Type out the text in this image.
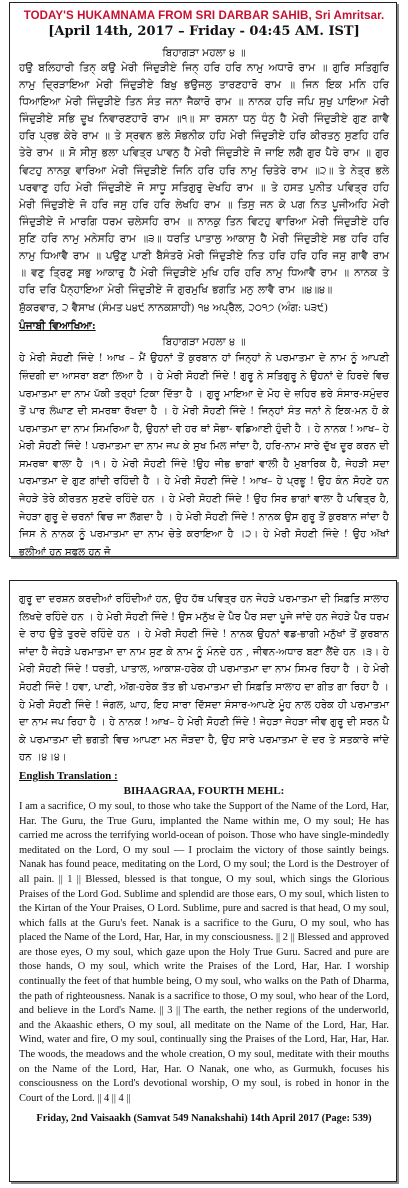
TODAY'S HUKAMNAMA FROM SRI DARBAR SAHIB, Sri Amritsar.
[April 14th, 2017 – Friday - 04:45 AM. IST]
ਬਿਹਾਗੜਾ ਮਹਲਾ ੪ ॥
ਹਉ ਬਲਿਹਾਰੀ ਤਿਨ੍ ਕਉ ਮੇਰੀ ਜਿੰਦੁੜੀਏ ਜਿਨ੍ ਹਰਿ ਹਰਿ ਨਾਮੁ ਅਧਾਰੋ ਰਾਮ ॥ ਗੁਰਿ ਸਤਿਗੁਰਿ ਨਾਮੁ ਦ੍ਰਿੜਾਇਆ ਮੇਰੀ ਜਿੰਦੁੜੀਏ ਬਿਖੁ ਭਉਜਲੁ ਤਾਰਣਹਾਰੋ ਰਾਮ ॥ ਜਿਨ ਇਕ ਮਨਿ ਹਰਿ ਧਿਆਇਆ ਮੇਰੀ ਜਿੰਦੁੜੀਏ ਤਿਨ ਸੰਤ ਜਨਾ ਜੈਕਾਰੋ ਰਾਮ ॥ ਨਾਨਕ ਹਰਿ ਜਪਿ ਸੁਖੁ ਪਾਇਆ ਮੇਰੀ ਜਿੰਦੁੜੀਏ ਸਭਿ ਦੂਖ ਨਿਵਾਰਣਹਾਰੋ ਰਾਮ ॥੧॥ ਸਾ ਰਸਨਾ ਧਨੁ ਧੰਨੁ ਹੈ ਮੇਰੀ ਜਿੰਦੁੜੀਏ ਗੁਣ ਗਾਵੈ ਹਰਿ ਪ੍ਰਭ ਕੇਰੇ ਰਾਮ ॥ ਤੇ ਸ੍ਰਵਨ ਭਲੇ ਸੋਭਨੀਕ ਹਹਿ ਮੇਰੀ ਜਿੰਦੁੜੀਏ ਹਰਿ ਕੀਰਤਨੁ ਸੁਣਹਿ ਹਰਿ ਤੇਰੇ ਰਾਮ ॥ ਸੋ ਸੀਸੁ ਭਲਾ ਪਵਿਤ੍ਰ ਪਾਵਨੁ ਹੈ ਮੇਰੀ ਜਿੰਦੁੜੀਏ ਜੋ ਜਾਇ ਲਗੈ ਗੁਰ ਪੈਰੇ ਰਾਮ ॥ ਗੁਰ ਵਿਟਹੁ ਨਾਨਕੁ ਵਾਰਿਆ ਮੇਰੀ ਜਿੰਦੁੜੀਏ ਜਿਨਿ ਹਰਿ ਹਰਿ ਨਾਮੁ ਚਿਤੇਰੇ ਰਾਮ ॥੨॥ ਤੇ ਨੇਤ੍ਰ ਭਲੇ ਪਰਵਾਣੁ ਹਹਿ ਮੇਰੀ ਜਿੰਦੁੜੀਏ ਜੋ ਸਾਧੂ ਸਤਿਗੁਰੁ ਦੇਖਹਿ ਰਾਮ ॥ ਤੇ ਹਸਤ ਪੁਨੀਤ ਪਵਿਤ੍ਰ ਹਹਿ ਮੇਰੀ ਜਿੰਦੁੜੀਏ ਜੋ ਹਰਿ ਜਸੁ ਹਰਿ ਹਰਿ ਲੇਖਹਿ ਰਾਮ ॥ ਤਿਸੁ ਜਨ ਕੇ ਪਗ ਨਿਤ ਪੂਜੀਅਹਿ ਮੇਰੀ ਜਿੰਦੁੜੀਏ ਜੋ ਮਾਰਗਿ ਧਰਮ ਚਲੇਸਹਿ ਰਾਮ ॥ ਨਾਨਕੁ ਤਿਨ ਵਿਟਹੁ ਵਾਰਿਆ ਮੇਰੀ ਜਿੰਦੁੜੀਏ ਹਰਿ ਸੁਣਿ ਹਰਿ ਨਾਮੁ ਮਨੇਸਹਿ ਰਾਮ ॥੩॥ ਧਰਤਿ ਪਾਤਾਲੁ ਆਕਾਸੁ ਹੈ ਮੇਰੀ ਜਿੰਦੁੜੀਏ ਸਭ ਹਰਿ ਹਰਿ ਨਾਮੁ ਧਿਆਵੈ ਰਾਮ ॥ ਪਉਣੁ ਪਾਣੀ ਬੈਸੰਤਰੋ ਮੇਰੀ ਜਿੰਦੁੜੀਏ ਨਿਤ ਹਰਿ ਹਰਿ ਹਰਿ ਜਸੁ ਗਾਵੈ ਰਾਮ ॥ ਵਣੁ ਤ੍ਰਿਣੁ ਸਭੁ ਆਕਾਰੁ ਹੈ ਮੇਰੀ ਜਿੰਦੁੜੀਏ ਮੁਖਿ ਹਰਿ ਹਰਿ ਨਾਮੁ ਧਿਆਵੈ ਰਾਮ ॥ ਨਾਨਕ ਤੇ ਹਰਿ ਦਰਿ ਪੈਨ੍ਹਾਇਆ ਮੇਰੀ ਜਿੰਦੁੜੀਏ ਜੋ ਗੁਰਮੁਖਿ ਭਗਤਿ ਮਨੁ ਲਾਵੈ ਰਾਮ ॥੪॥੪॥
ਸ਼ੁੱਕਰਵਾਰ, ੨ ਵੈਸਾਖ (ਸੰਮਤ ੫੪੯ ਨਾਨਕਸ਼ਾਹੀ) ੧੪ ਅਪ੍ਰੈਲ, ੨੦੧੭ (ਅੰਗ: ੫੩੯)
ਪੰਜਾਬੀ ਵਿਆਖਿਆ:
ਬਿਹਾਗੜਾ ਮਹਲਾ ੪ ॥
ਹੇ ਮੇਰੀ ਸੋਹਣੀ ਜਿੰਦੇ ! ਆਖ – ਮੈਂ ਉਹਨਾਂ ਤੋਂ ਕੁਰਬਾਨ ਹਾਂ ਜਿਨ੍ਹਾਂ ਨੇ ਪਰਮਾਤਮਾ ਦੇ ਨਾਮ ਨੂੰ ਆਪਣੀ ਜ਼ਿੰਦਗੀ ਦਾ ਆਸਰਾ ਬਣਾ ਲਿਆ ਹੈ । ਹੇ ਮੇਰੀ ਸੋਹਣੀ ਜਿੰਦੇ ! ਗੁਰੂ ਨੇ ਸਤਿਗੁਰੂ ਨੇ ਉਹਨਾਂ ਦੇ ਹਿਰਦੇ ਵਿਚ ਪਰਮਾਤਮਾ ਦਾ ਨਾਮ ਪੱਕੀ ਤਰ੍ਹਾਂ ਟਿਕਾ ਦਿੱਤਾ ਹੈ । ਗੁਰੂ ਮਾਇਆ ਦੇ ਮੋਹ ਦੇ ਜ਼ਹਿਰ ਭਰੇ ਸੰਸਾਰ-ਸਮੁੰਦਰ ਤੋਂ ਪਾਰ ਲੰਘਾਣ ਦੀ ਸਮਰਥਾ ਰੱਖਦਾ ਹੈ । ਹੇ ਮੇਰੀ ਸੋਹਣੀ ਜਿੰਦੇ ! ਜਿਨ੍ਹਾਂ ਸੰਤ ਜਨਾਂ ਨੇ ਇਕ-ਮਨ ਹੋ ਕੇ ਪਰਮਾਤਮਾ ਦਾ ਨਾਮ ਸਿਮਰਿਆ ਹੈ, ਉਹਨਾਂ ਦੀ ਹਰ ਥਾਂ ਸੋਭਾ- ਵਡਿਆਈ ਹੁੰਦੀ ਹੈ । ਹੇ ਨਾਨਕ ! ਆਖ– ਹੇ ਮੇਰੀ ਸੋਹਣੀ ਜਿੰਦੇ ! ਪਰਮਾਤਮਾ ਦਾ ਨਾਮ ਜਪ ਕੇ ਸੁਖ ਮਿਲ ਜਾਂਦਾ ਹੈ, ਹਰਿ-ਨਾਮ ਸਾਰੇ ਦੁੱਖ ਦੂਰ ਕਰਨ ਦੀ ਸਮਰਥਾ ਵਾਲਾ ਹੈ ।੧। ਹੇ ਮੇਰੀ ਸੋਹਣੀ ਜਿੰਦੇ !ਉਹ ਜੀਭ ਭਾਗਾਂ ਵਾਲੀ ਹੈ ਮੁਬਾਰਿਕ ਹੈ, ਜੇਹੜੀ ਸਦਾ ਪਰਮਾਤਮਾ ਦੇ ਗੁਣ ਗਾਂਦੀ ਰਹਿੰਦੀ ਹੈ । ਹੇ ਮੇਰੀ ਸੋਹਣੀ ਜਿੰਦੇ ! ਆਖ– ਹੇ ਪ੍ਰਭੂ ! ਉਹ ਕੰਨ ਸੋਹਣੇ ਹਨ ਜੇਹੜੇ ਤੇਰੇ ਕੀਰਤਨ ਸੁਣਦੇ ਰਹਿੰਦੇ ਹਨ । ਹੇ ਮੇਰੀ ਸੋਹਣੀ ਜਿੰਦੇ ! ਉਹ ਸਿਰ ਭਾਗਾਂ ਵਾਲਾ ਹੈ ਪਵਿਤ੍ਰ ਹੈ, ਜੇਹੜਾ ਗੁਰੂ ਦੇ ਚਰਨਾਂ ਵਿਚ ਜਾ ਲੱਗਦਾ ਹੈ । ਹੇ ਮੇਰੀ ਸੋਹਣੀ ਜਿੰਦੇ ! ਨਾਨਕ ਉਸ ਗੁਰੂ ਤੋਂ ਕੁਰਬਾਨ ਜਾਂਦਾ ਹੈ ਜਿਸ ਨੇ ਨਾਨਕ ਨੂੰ ਪਰਮਾਤਮਾ ਦਾ ਨਾਮ ਚੇਤੇ ਕਰਾਇਆ ਹੈ ।੨। ਹੇ ਮੇਰੀ ਸੋਹਣੀ ਜਿੰਦੇ ! ਉਹ ਅੱਖਾਂ ਭਲੀਆਂ ਹਨ ਸਫਲ ਹਨ ਜੋ
ਗੁਰੂ ਦਾ ਦਰਸ਼ਨ ਕਰਦੀਆਂ ਰਹਿੰਦੀਆਂ ਹਨ, ਉਹ ਹੱਥ ਪਵਿਤ੍ਰ ਹਨ ਜੇਹੜੇ ਪਰਮਾਤਮਾ ਦੀ ਸਿਫ਼ਤਿ ਸਾਲਾਹ ਲਿਖਦੇ ਰਹਿੰਦੇ ਹਨ । ਹੇ ਮੇਰੀ ਸੋਹਣੀ ਜਿੰਦੇ ! ਉਸ ਮਨੁੱਖ ਦੇ ਪੈਰ ਪੈਰ ਸਦਾ ਪੂਜੇ ਜਾਂਦੇ ਹਨ ਜੇਹੜੇ ਪੈਰ ਧਰਮ ਦੇ ਰਾਹ ਉਤੇ ਤੁਰਦੇ ਰਹਿੰਦੇ ਹਨ । ਹੇ ਮੇਰੀ ਸੋਹਣੀ ਜਿੰਦੇ ! ਨਾਨਕ ਉਹਨਾਂ ਵਡ-ਭਾਗੀ ਮਨੁੱਖਾਂ ਤੋਂ ਕੁਰਬਾਨ ਜਾਂਦਾ ਹੈ ਜੇਹੜੇ ਪਰਮਾਤਮਾ ਦਾ ਨਾਮ ਸੁਣ ਕੇ ਨਾਮ ਨੂੰ ਮੰਨਦੇ ਹਨ , ਜੀਵਨ-ਅਧਾਰ ਬਣਾ ਲੈਂਦੇ ਹਨ ।੩। ਹੇ ਮੇਰੀ ਸੋਹਣੀ ਜਿੰਦੇ ! ਧਰਤੀ, ਪਾਤਾਲ, ਆਕਾਸ਼-ਹਰੇਕ ਹੀ ਪਰਮਾਤਮਾ ਦਾ ਨਾਮ ਸਿਮਰ ਰਿਹਾ ਹੈ । ਹੇ ਮੇਰੀ ਸੋਹਣੀ ਜਿੰਦੇ ! ਹਵਾ, ਪਾਣੀ, ਅੱਗ-ਹਰੇਕ ਤੱਤ ਭੀ ਪਰਮਾਤਮਾ ਦੀ ਸਿਫ਼ਤਿ ਸਾਲਾਹ ਦਾ ਗੀਤ ਗਾ ਰਿਹਾ ਹੈ । ਹੇ ਮੇਰੀ ਸੋਹਣੀ ਜਿੰਦੇ ! ਜੰਗਲ, ਘਾਹ, ਇਹ ਸਾਰਾ ਦਿੱਸਦਾ ਸੰਸਾਰ-ਆਪਣੇ ਮੂੰਹ ਨਾਲ ਹਰੇਕ ਹੀ ਪਰਮਾਤਮਾ ਦਾ ਨਾਮ ਜਪ ਰਿਹਾ ਹੈ । ਹੇ ਨਾਨਕ ! ਆਖ– ਹੇ ਮੇਰੀ ਸੋਹਣੀ ਜਿੰਦੇ ! ਜੇਹੜਾ ਜੇਹੜਾ ਜੀਵ ਗੁਰੂ ਦੀ ਸਰਨ ਪੈ ਕੇ ਪਰਮਾਤਮਾ ਦੀ ਭਗਤੀ ਵਿਚ ਆਪਣਾ ਮਨ ਜੋੜਦਾ ਹੈ, ਉਹ ਸਾਰੇ ਪਰਮਾਤਮਾ ਦੇ ਦਰ ਤੇ ਸਤਕਾਰੇ ਜਾਂਦੇ ਹਨ ।੪।੪।
English Translation :
BIHAAGRAA, FOURTH MEHL:
I am a sacrifice, O my soul, to those who take the Support of the Name of the Lord, Har, Har. The Guru, the True Guru, implanted the Name within me, O my soul; He has carried me across the terrifying world-ocean of poison. Those who have single-mindedly meditated on the Lord, O my soul — I proclaim the victory of those saintly beings. Nanak has found peace, meditating on the Lord, O my soul; the Lord is the Destroyer of all pain. || 1 || Blessed, blessed is that tongue, O my soul, which sings the Glorious Praises of the Lord God. Sublime and splendid are those ears, O my soul, which listen to the Kirtan of the Your Praises, O Lord. Sublime, pure and sacred is that head, O my soul, which falls at the Guru's feet. Nanak is a sacrifice to the Guru, O my soul, who has placed the Name of the Lord, Har, Har, in my consciousness. || 2 || Blessed and approved are those eyes, O my soul, which gaze upon the Holy True Guru. Sacred and pure are those hands, O my soul, which write the Praises of the Lord, Har, Har. I worship continually the feet of that humble being, O my soul, who walks on the Path of Dharma, the path of righteousness. Nanak is a sacrifice to those, O my soul, who hear of the Lord, and believe in the Lord's Name. || 3 || The earth, the nether regions of the underworld, and the Akaashic ethers, O my soul, all meditate on the Name of the Lord, Har, Har. Wind, water and fire, O my soul, continually sing the Praises of the Lord, Har, Har, Har. The woods, the meadows and the whole creation, O my soul, meditate with their mouths on the Name of the Lord, Har, Har. O Nanak, one who, as Gurmukh, focuses his consciousness on the Lord's devotional worship, O my soul, is robed in honor in the Court of the Lord. || 4 || 4 ||
Friday, 2nd Vaisaakh (Samvat 549 Nanakshahi) 14th April 2017 (Page: 539)
